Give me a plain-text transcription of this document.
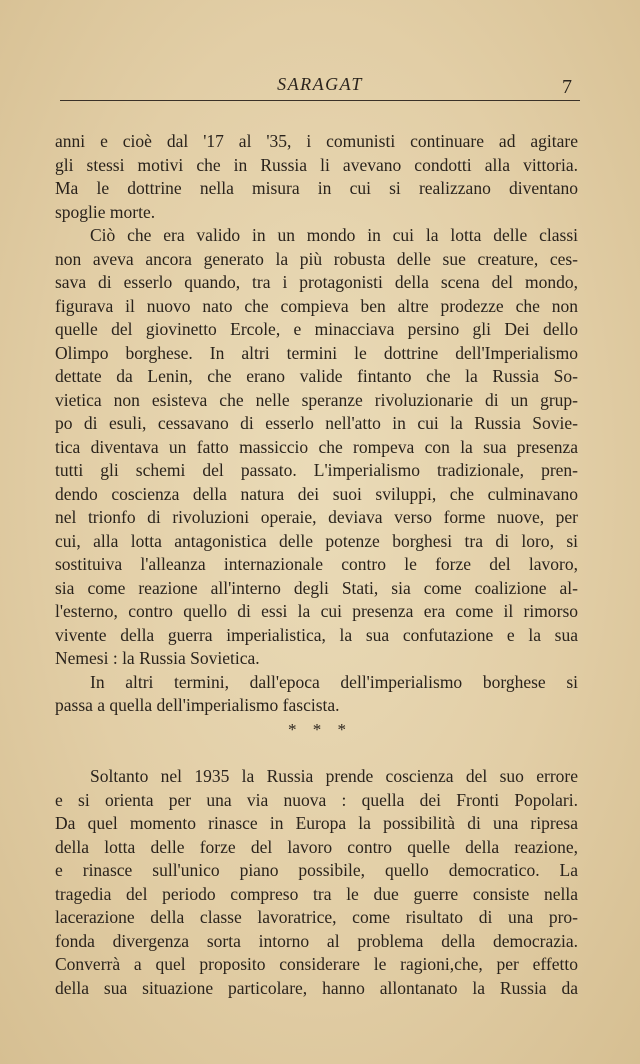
SARAGAT	7
anni e cioè dal '17 al '35, i comunisti continuare ad agitare
gli stessi motivi che in Russia li avevano condotti alla vittoria.
Ma le dottrine nella misura in cui si realizzano diventano
spoglie morte.
Ciò che era valido in un mondo in cui la lotta delle classi
non aveva ancora generato la più robusta delle sue creature, ces-
sava di esserlo quando, tra i protagonisti della scena del mondo,
figurava il nuovo nato che compieva ben altre prodezze che non
quelle del giovinetto Ercole, e minacciava persino gli Dei dello
Olimpo borghese. In altri termini le dottrine dell'Imperialismo
dettate da Lenin, che erano valide fintanto che la Russia So-
vietica non esisteva che nelle speranze rivoluzionarie di un grup-
po di esuli, cessavano di esserlo nell'atto in cui la Russia Sovie-
tica diventava un fatto massiccio che rompeva con la sua presenza
tutti gli schemi del passato. L'imperialismo tradizionale, pren-
dendo coscienza della natura dei suoi sviluppi, che culminavano
nel trionfo di rivoluzioni operaie, deviava verso forme nuove, per
cui, alla lotta antagonistica delle potenze borghesi tra di loro, si
sostituiva l'alleanza internazionale contro le forze del lavoro,
sia come reazione all'interno degli Stati, sia come coalizione al-
l'esterno, contro quello di essi la cui presenza era come il rimorso
vivente della guerra imperialistica, la sua confutazione e la sua
Nemesi : la Russia Sovietica.
In altri termini, dall'epoca dell'imperialismo borghese si
passa a quella dell'imperialismo fascista.
* * *
Soltanto nel 1935 la Russia prende coscienza del suo errore
e si orienta per una via nuova : quella dei Fronti Popolari.
Da quel momento rinasce in Europa la possibilità di una ripresa
della lotta delle forze del lavoro contro quelle della reazione,
e rinasce sull'unico piano possibile, quello democratico. La
tragedia del periodo compreso tra le due guerre consiste nella
lacerazione della classe lavoratrice, come risultato di una pro-
fonda divergenza sorta intorno al problema della democrazia.
Converrà a quel proposito considerare le ragioni,che, per effetto
della sua situazione particolare, hanno allontanato la Russia da
